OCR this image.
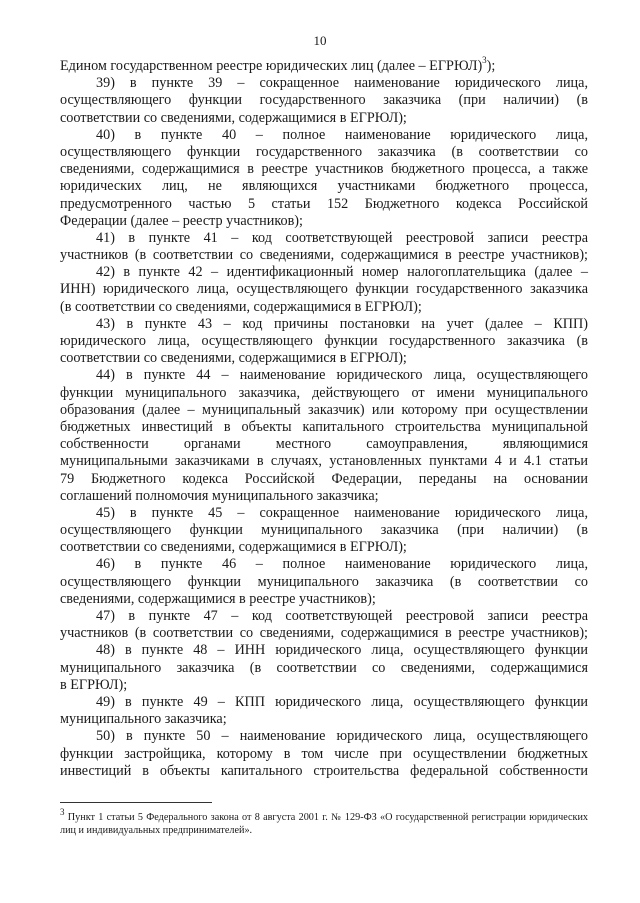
10
Едином государственном реестре юридических лиц (далее – ЕГРЮЛ)$^3$);
39) в пункте 39 – сокращенное наименование юридического лица,
осуществляющего функции государственного заказчика (при наличии) (в
соответствии со сведениями, содержащимися в ЕГРЮЛ);
40) в пункте 40 – полное наименование юридического лица,
осуществляющего функции государственного заказчика (в соответствии со
сведениями, содержащимися в реестре участников бюджетного процесса, а также
юридических лиц, не являющихся участниками бюджетного процесса,
предусмотренного частью 5 статьи 152 Бюджетного кодекса Российской
Федерации (далее – реестр участников);
41) в пункте 41 – код соответствующей реестровой записи реестра
участников (в соответствии со сведениями, содержащимися в реестре участников);
42) в пункте 42 – идентификационный номер налогоплательщика (далее –
ИНН) юридического лица, осуществляющего функции государственного заказчика
(в соответствии со сведениями, содержащимися в ЕГРЮЛ);
43) в пункте 43 – код причины постановки на учет (далее – КПП)
юридического лица, осуществляющего функции государственного заказчика (в
соответствии со сведениями, содержащимися в ЕГРЮЛ);
44) в пункте 44 – наименование юридического лица, осуществляющего
функции муниципального заказчика, действующего от имени муниципального
образования (далее – муниципальный заказчик) или которому при осуществлении
бюджетных инвестиций в объекты капитального строительства муниципальной
собственности органами местного самоуправления, являющимися
муниципальными заказчиками в случаях, установленных пунктами 4 и 4.1 статьи
79 Бюджетного кодекса Российской Федерации, переданы на основании
соглашений полномочия муниципального заказчика;
45) в пункте 45 – сокращенное наименование юридического лица,
осуществляющего функции муниципального заказчика (при наличии) (в
соответствии со сведениями, содержащимися в ЕГРЮЛ);
46) в пункте 46 – полное наименование юридического лица,
осуществляющего функции муниципального заказчика (в соответствии со
сведениями, содержащимися в реестре участников);
47) в пункте 47 – код соответствующей реестровой записи реестра
участников (в соответствии со сведениями, содержащимися в реестре участников);
48) в пункте 48 – ИНН юридического лица, осуществляющего функции
муниципального заказчика (в соответствии со сведениями, содержащимися
в ЕГРЮЛ);
49) в пункте 49 – КПП юридического лица, осуществляющего функции
муниципального заказчика;
50) в пункте 50 – наименование юридического лица, осуществляющего
функции застройщика, которому в том числе при осуществлении бюджетных
инвестиций в объекты капитального строительства федеральной собственности
$^3$ Пункт 1 статьи 5 Федерального закона от 8 августа 2001 г. № 129-ФЗ «О государственной регистрации юридических
лиц и индивидуальных предпринимателей».
